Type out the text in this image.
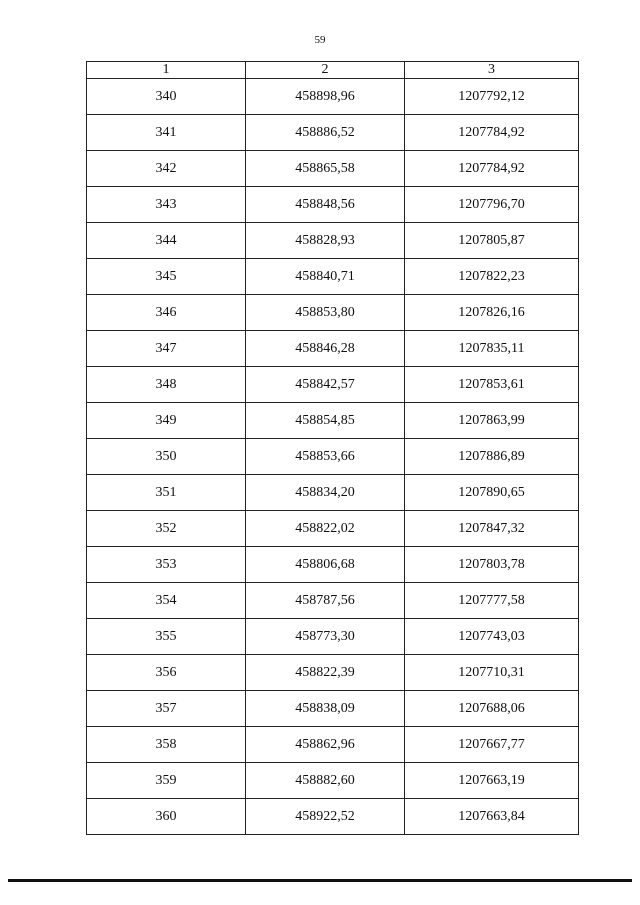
59
1	2	3
340	458898,96	1207792,12
341	458886,52	1207784,92
342	458865,58	1207784,92
343	458848,56	1207796,70
344	458828,93	1207805,87
345	458840,71	1207822,23
346	458853,80	1207826,16
347	458846,28	1207835,11
348	458842,57	1207853,61
349	458854,85	1207863,99
350	458853,66	1207886,89
351	458834,20	1207890,65
352	458822,02	1207847,32
353	458806,68	1207803,78
354	458787,56	1207777,58
355	458773,30	1207743,03
356	458822,39	1207710,31
357	458838,09	1207688,06
358	458862,96	1207667,77
359	458882,60	1207663,19
360	458922,52	1207663,84
